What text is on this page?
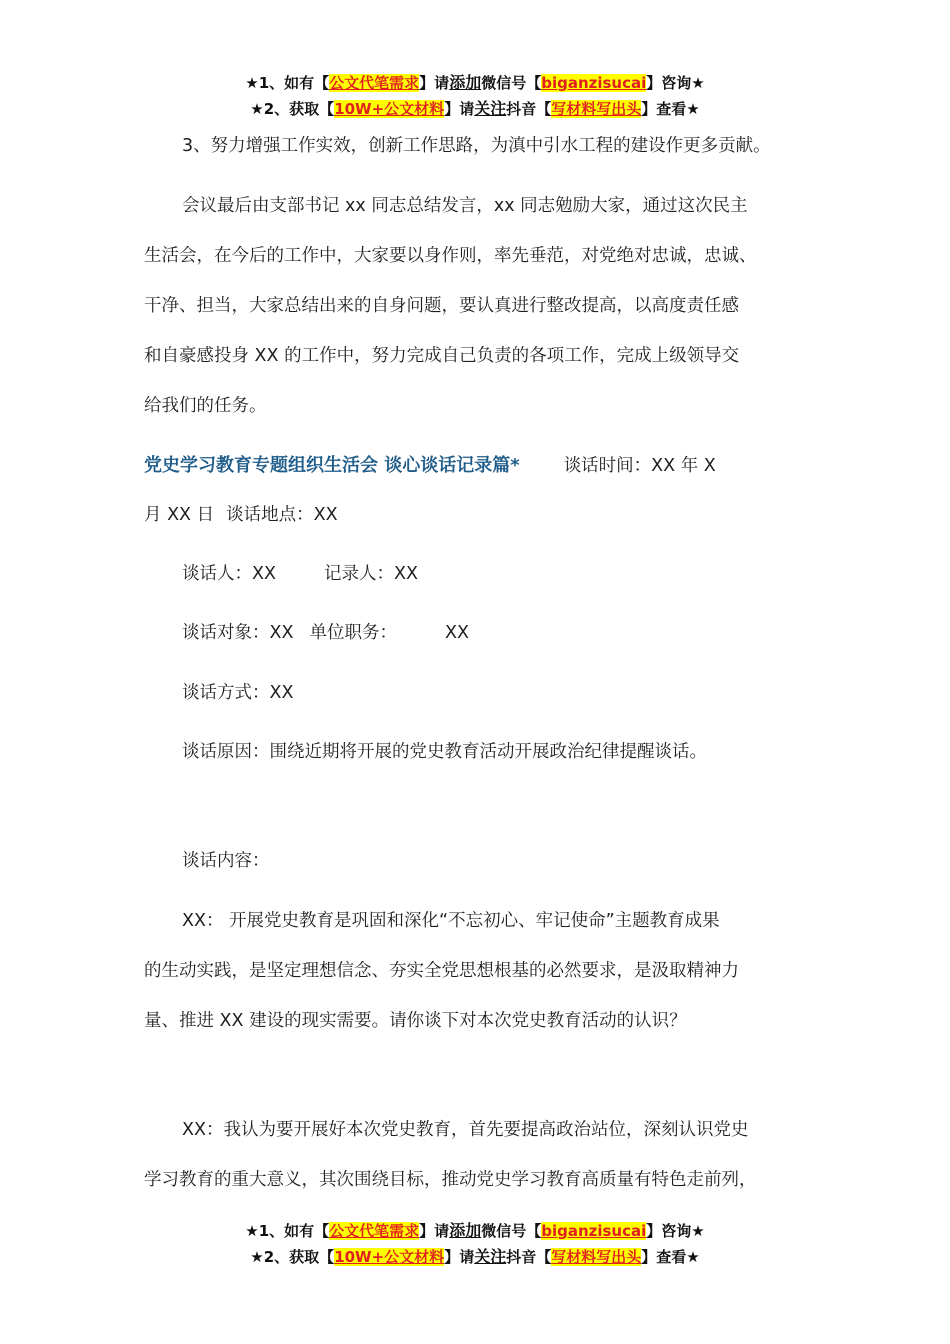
★1、如有【公文代笔需求】请添加微信号【biganzisucai】咨询★
★2、获取【10W+公文材料】请关注抖音【写材料写出头】查看★
3、努力增强工作实效，创新工作思路，为滇中引水工程的建设作更多贡献。
会议最后由支部书记 xx 同志总结发言，xx 同志勉励大家，通过这次民主
生活会，在今后的工作中，大家要以身作则，率先垂范，对党绝对忠诚，忠诚、
干净、担当，大家总结出来的自身问题，要认真进行整改提高，以高度责任感
和自豪感投身 XX 的工作中，努力完成自己负责的各项工作，完成上级领导交
给我们的任务。
党史学习教育专题组织生活会 谈心谈话记录篇*	谈话时间：XX 年 X
月 XX 日 谈话地点：XX
谈话人：XX	记录人：XX
谈话对象：XX 单位职务：	XX
谈话方式：XX
谈话原因：围绕近期将开展的党史教育活动开展政治纪律提醒谈话。
谈话内容：
XX： 开展党史教育是巩固和深化“不忘初心、牢记使命”主题教育成果
的生动实践，是坚定理想信念、夯实全党思想根基的必然要求，是汲取精神力
量、推进 XX 建设的现实需要。请你谈下对本次党史教育活动的认识？
XX：我认为要开展好本次党史教育，首先要提高政治站位，深刻认识党史
学习教育的重大意义，其次围绕目标，推动党史学习教育高质量有特色走前列，
★1、如有【公文代笔需求】请添加微信号【biganzisucai】咨询★
★2、获取【10W+公文材料】请关注抖音【写材料写出头】查看★
